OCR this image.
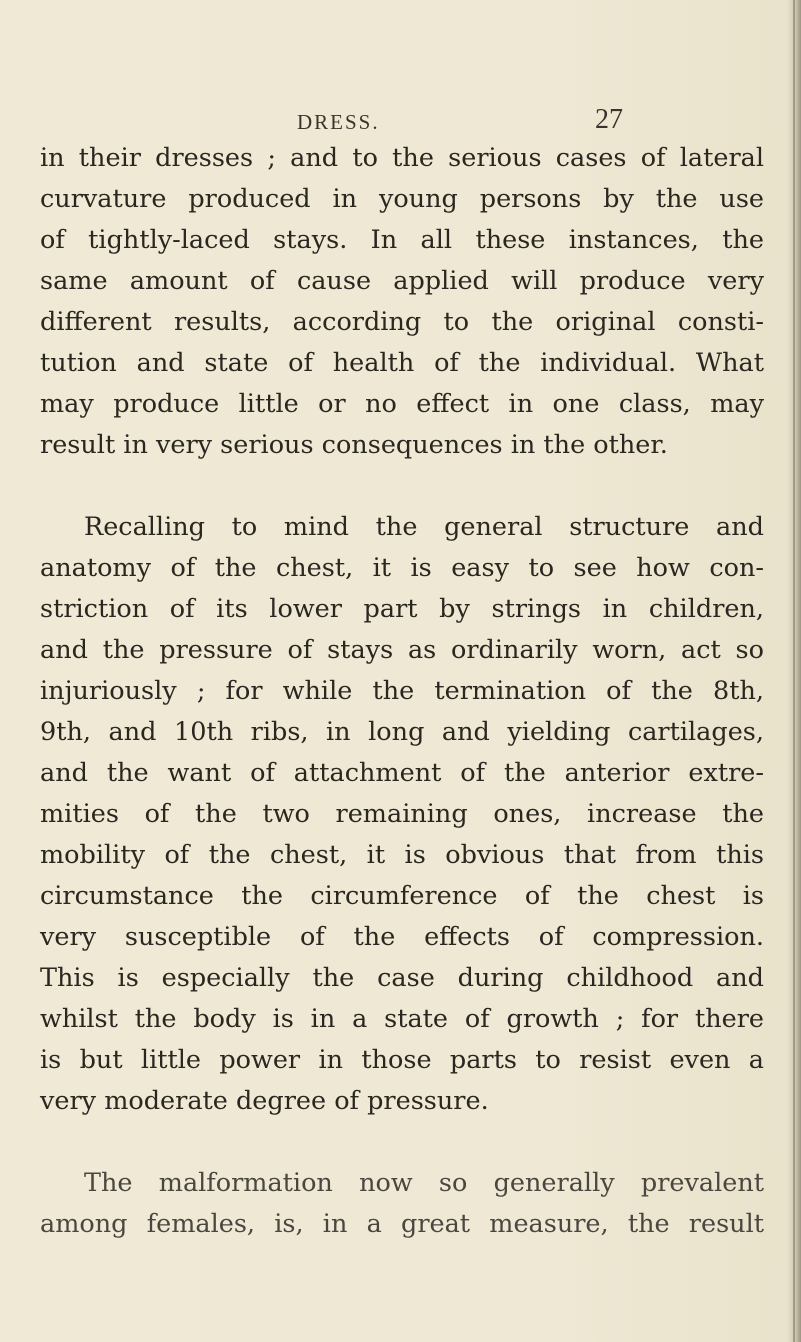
DRESS.	27
in their dresses ; and to the serious cases of lateral
curvature produced in young persons by the use
of tightly-laced stays. In all these instances, the
same amount of cause applied will produce very
different results, according to the original consti-
tution and state of health of the individual. What
may produce little or no effect in one class, may
result in very serious consequences in the other.
Recalling to mind the general structure and
anatomy of the chest, it is easy to see how con-
striction of its lower part by strings in children,
and the pressure of stays as ordinarily worn, act so
injuriously ; for while the termination of the 8th,
9th, and 10th ribs, in long and yielding cartilages,
and the want of attachment of the anterior extre-
mities of the two remaining ones, increase the
mobility of the chest, it is obvious that from this
circumstance the circumference of the chest is
very susceptible of the effects of compression.
This is especially the case during childhood and
whilst the body is in a state of growth ; for there
is but little power in those parts to resist even a
very moderate degree of pressure.
The malformation now so generally prevalent
among females, is, in a great measure, the result
